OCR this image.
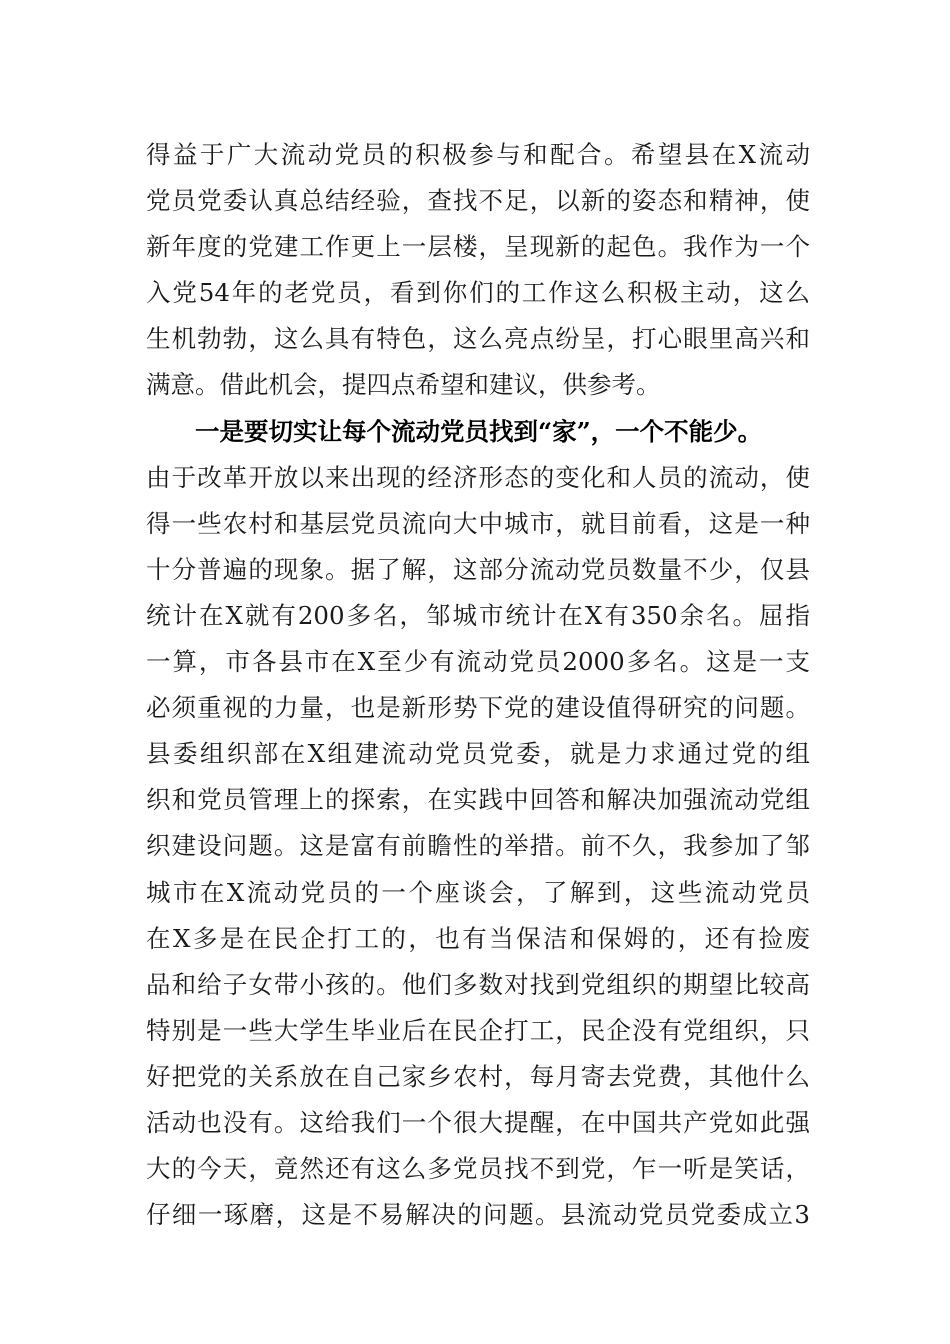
得益于广大流动党员的积极参与和配合。希望县在X流动
党员党委认真总结经验，查找不足，以新的姿态和精神，使
新年度的党建工作更上一层楼，呈现新的起色。我作为一个
入党54年的老党员，看到你们的工作这么积极主动，这么
生机勃勃，这么具有特色，这么亮点纷呈，打心眼里高兴和
满意。借此机会，提四点希望和建议，供参考。
一是要切实让每个流动党员找到“家”，一个不能少。
由于改革开放以来出现的经济形态的变化和人员的流动，使
得一些农村和基层党员流向大中城市，就目前看，这是一种
十分普遍的现象。据了解，这部分流动党员数量不少，仅县
统计在X就有200多名，邹城市统计在X有350余名。屈指
一算，市各县市在X至少有流动党员2000多名。这是一支
必须重视的力量，也是新形势下党的建设值得研究的问题。
县委组织部在X组建流动党员党委，就是力求通过党的组
织和党员管理上的探索，在实践中回答和解决加强流动党组
织建设问题。这是富有前瞻性的举措。前不久，我参加了邹
城市在X流动党员的一个座谈会，了解到，这些流动党员
在X多是在民企打工的，也有当保洁和保姆的，还有捡废
品和给子女带小孩的。他们多数对找到党组织的期望比较高
特别是一些大学生毕业后在民企打工，民企没有党组织，只
好把党的关系放在自己家乡农村，每月寄去党费，其他什么
活动也没有。这给我们一个很大提醒，在中国共产党如此强
大的今天，竟然还有这么多党员找不到党，乍一听是笑话，
仔细一琢磨，这是不易解决的问题。县流动党员党委成立3
